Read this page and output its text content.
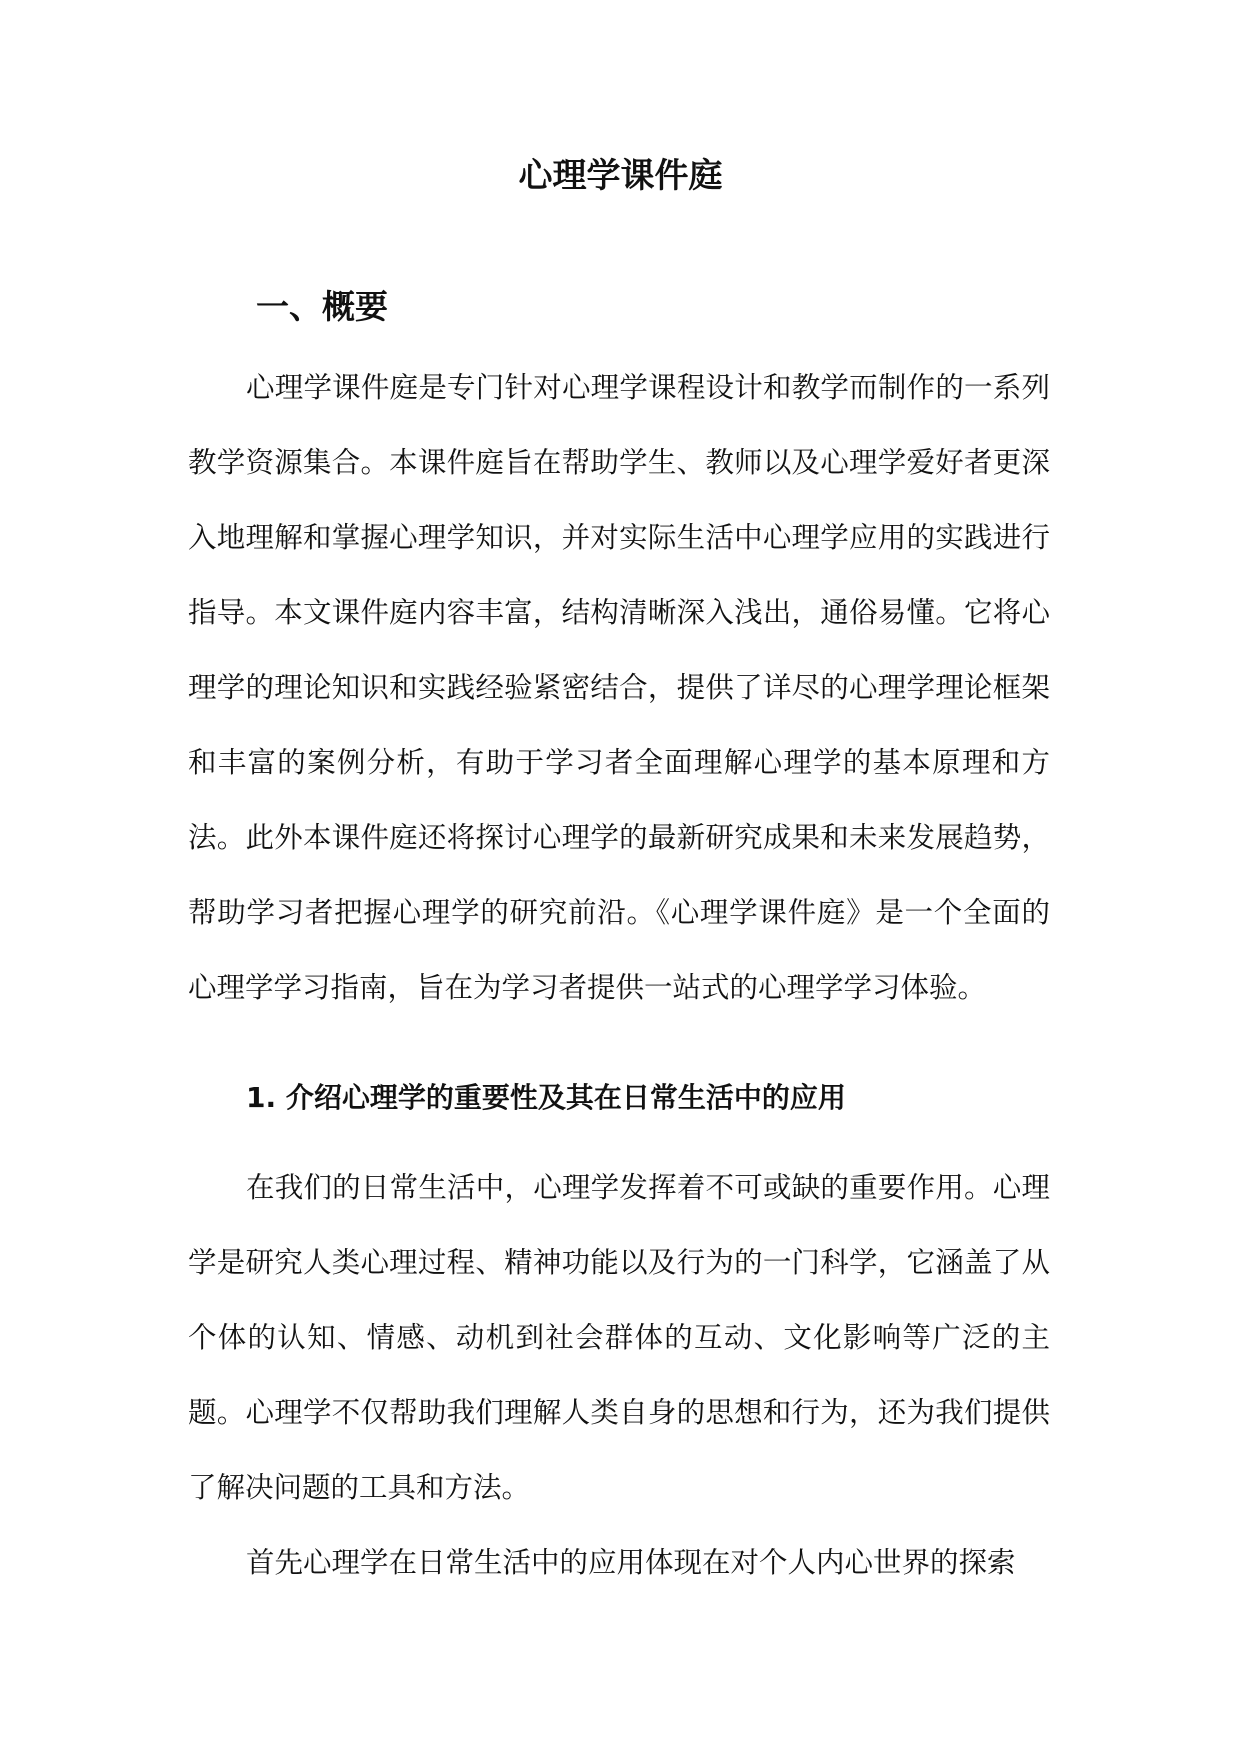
心理学课件庭
一、概要

心理学课件庭是专门针对心理学课程设计和教学而制作的一系列教学资源集合。本课件庭旨在帮助学生、教师以及心理学爱好者更深入地理解和掌握心理学知识，并对实际生活中心理学应用的实践进行指导。本文课件庭内容丰富，结构清晰深入浅出，通俗易懂。它将心理学的理论知识和实践经验紧密结合，提供了详尽的心理学理论框架和丰富的案例分析，有助于学习者全面理解心理学的基本原理和方法。此外本课件庭还将探讨心理学的最新研究成果和未来发展趋势，帮助学习者把握心理学的研究前沿。《心理学课件庭》是一个全面的心理学学习指南，旨在为学习者提供一站式的心理学学习体验。

1. 介绍心理学的重要性及其在日常生活中的应用

在我们的日常生活中，心理学发挥着不可或缺的重要作用。心理学是研究人类心理过程、精神功能以及行为的一门科学，它涵盖了从个体的认知、情感、动机到社会群体的互动、文化影响等广泛的主题。心理学不仅帮助我们理解人类自身的思想和行为，还为我们提供了解决问题的工具和方法。

首先心理学在日常生活中的应用体现在对个人内心世界的探索
